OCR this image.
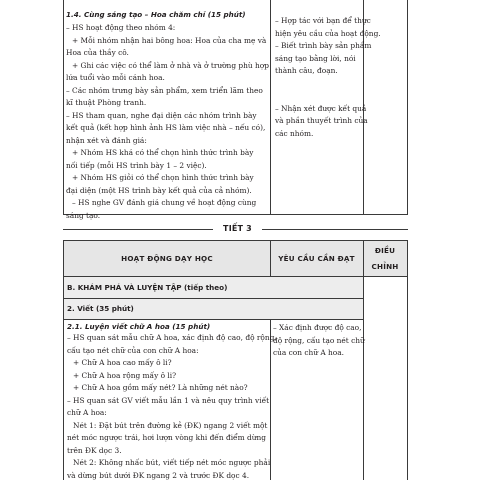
1.4. Cùng sáng tạo – Hoa chăm chỉ (15 phút)

– HS hoạt động theo nhóm 4:

+ Mỗi nhóm nhận hai bông hoa: Hoa của cha mẹ và

Hoa của thầy cô.

+ Ghi các việc có thể làm ở nhà và ở trường phù hợp

lứa tuổi vào mỗi cánh hoa.

– Các nhóm trưng bày sản phẩm, xem triển lãm theo

kĩ thuật Phòng tranh.

– HS tham quan, nghe đại diện các nhóm trình bày

kết quả (kết hợp hình ảnh HS làm việc nhà – nếu có),

nhận xét và đánh giá:

+ Nhóm HS khá có thể chọn hình thức trình bày

nối tiếp (mỗi HS trình bày 1 – 2 việc).

+ Nhóm HS giỏi có thể chọn hình thức trình bày

đại diện (một HS trình bày kết quả của cả nhóm).

– HS nghe GV đánh giá chung về hoạt động cùng

sáng tạo.

– Hợp tác với bạn để thực

hiện yêu cầu của hoạt động.

– Biết trình bày sản phẩm

sáng tạo bằng lời, nói

thành câu, đoạn.

– Nhận xét được kết quả

và phần thuyết trình của

các nhóm.

TIẾT 3
HOẠT ĐỘNG DẠY HỌC	YÊU CẦU CẦN ĐẠT
ĐIỀU
CHỈNH
B. KHÁM PHÁ VÀ LUYỆN TẬP (tiếp theo)
2. Viết (35 phút)
2.1. Luyện viết chữ A hoa (15 phút)

– HS quan sát mẫu chữ A hoa, xác định độ cao, độ rộng,

cấu tạo nét chữ của con chữ A hoa:

+ Chữ A hoa cao mấy ô li?

+ Chữ A hoa rộng mấy ô li?

+ Chữ A hoa gồm mấy nét? Là những nét nào?

– HS quan sát GV viết mẫu lần 1 và nêu quy trình viết

chữ A hoa:

Nét 1: Đặt bút trên đường kẻ (ĐK) ngang 2 viết một

nét móc ngược trái, hơi lượn vòng khi đến điểm dừng

trên ĐK dọc 3.

Nét 2: Không nhấc bút, viết tiếp nét móc ngược phải

và dừng bút dưới ĐK ngang 2 và trước ĐK dọc 4.

– Xác định được độ cao,

độ rộng, cấu tạo nét chữ

của con chữ A hoa.
